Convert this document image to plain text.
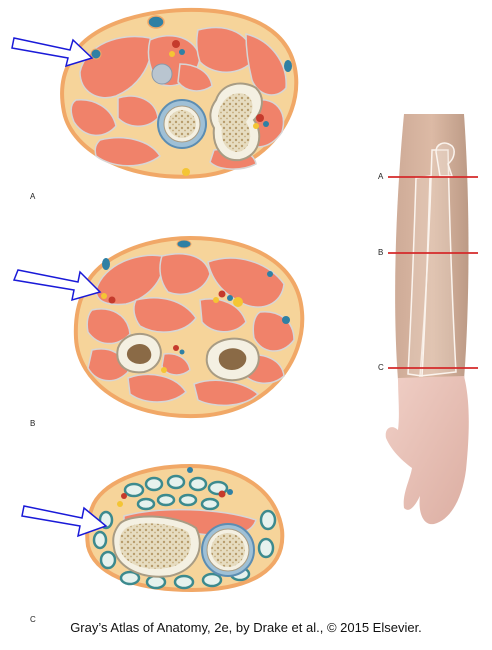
A
B
C
A
B
C
Gray’s Atlas of Anatomy, 2e, by Drake et al., © 2015 Elsevier.
